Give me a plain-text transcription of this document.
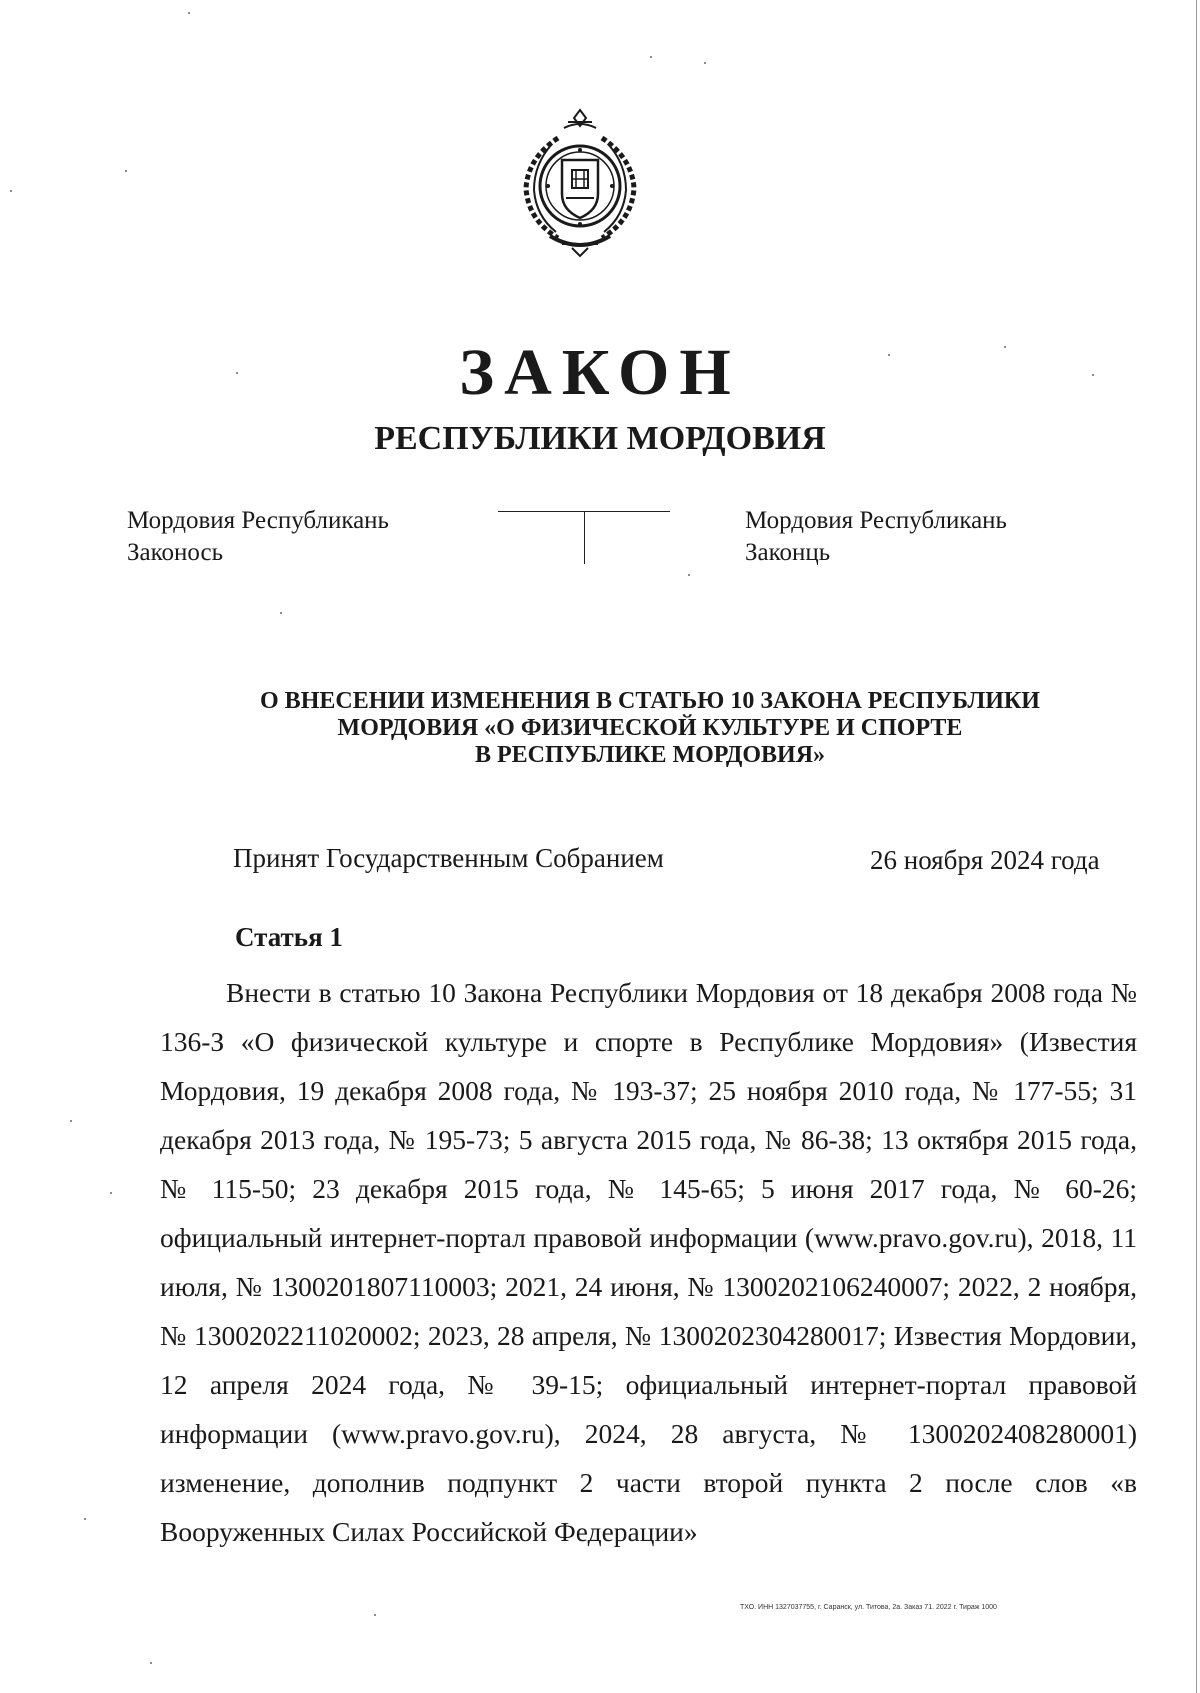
ЗАКОН
РЕСПУБЛИКИ МОРДОВИЯ
Мордовия Республикань
Законось
Мордовия Республикань
Законць
О ВНЕСЕНИИ ИЗМЕНЕНИЯ В СТАТЬЮ 10 ЗАКОНА РЕСПУБЛИКИ
МОРДОВИЯ «О ФИЗИЧЕСКОЙ КУЛЬТУРЕ И СПОРТЕ
В РЕСПУБЛИКЕ МОРДОВИЯ»
Принят Государственным Собранием	26 ноября 2024 года
Статья 1
Внести в статью 10 Закона Республики Мордовия от 18 декабря 2008 года № 136-З «О физической культуре и спорте в Республике Мордовия» (Известия Мордовия, 19 декабря 2008 года, № 193-37; 25 ноября 2010 года, № 177-55; 31 декабря 2013 года, № 195-73; 5 августа 2015 года, № 86-38; 13 октября 2015 года, № 115-50; 23 декабря 2015 года, № 145-65; 5 июня 2017 года, № 60-26; официальный интернет-портал правовой информации (www.pravo.gov.ru), 2018, 11 июля, № 1300201807110003; 2021, 24 июня, № 1300202106240007; 2022, 2 ноября, № 1300202211020002; 2023, 28 апреля, № 1300202304280017; Известия Мордовии, 12 апреля 2024 года, № 39-15; официальный интернет-портал правовой информации (www.pravo.gov.ru), 2024, 28 августа, № 1300202408280001) изменение, дополнив подпункт 2 части второй пункта 2 после слов «в Вооруженных Силах Российской Федерации»
ТХО. ИНН 1327037755, г. Саранск, ул. Титова, 2а. Заказ 71. 2022 г. Тираж 1000
